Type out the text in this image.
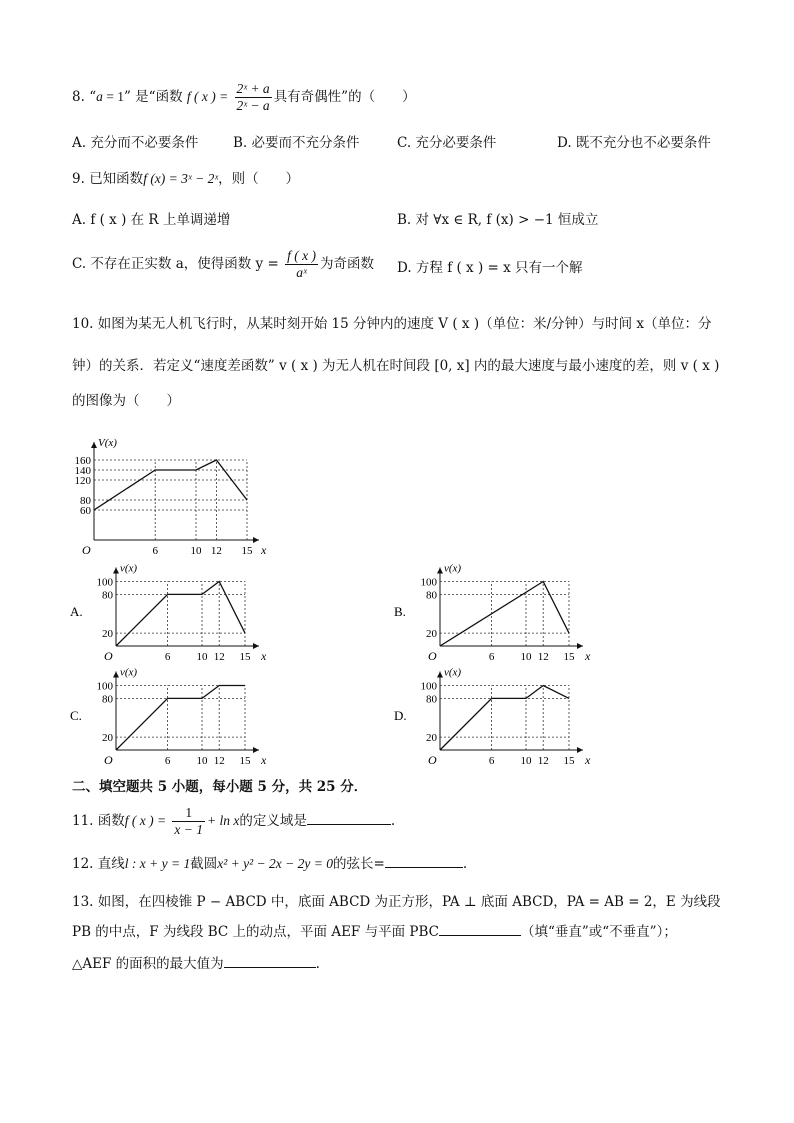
8. “a = 1” 是“函数 f ( x ) = $\frac{\text{2ˣ + a}}{\text{2ˣ − a}}$ 具有奇偶性”的（　　）
A. 充分而不必要条件	B. 必要而不充分条件	C. 充分必要条件	D. 既不充分也不必要条件
9. 已知函数f (x) = 3ˣ − 2ˣ，则（　　）
A. f ( x ) 在 R 上单调递增	B. 对 ∀x ∈ R, f (x) > −1 恒成立
C. 不存在正实数 a，使得函数 $y = \frac{f ( x )}{\text{aˣ}}$ 为奇函数 D. 方程 f ( x ) = x 只有一个解
10. 如图为某无人机飞行时，从某时刻开始 15 分钟内的速度 V ( x )（单位：米/分钟）与时间 x（单位：分
钟）的关系．若定义“速度差函数” v ( x ) 为无人机在时间段 [0, x] 内的最大速度与最小速度的差，则 v ( x )
的图像为（　　）
V(x)
x
O
160
140
120
80
60
6	10 12 15
A.
v(x)
x
O
100
80
20
6 10 12 15
B.
v(x)
x
O
100
80
20
6 10 12 15
C.
v(x)
x
O
100
80
20
6 10 12 15
D.
v(x)
x
O
100
80
20
6 10 12 15
二、填空题共 5 小题，每小题 5 分，共 25 分．
11. 函数f ( x ) = $\frac{1}{x - 1} + \ln x$的定义域是	.
12. 直线l : x + y = 1截圆x² + y² − 2x − 2y = 0的弦长=	.
13. 如图，在四棱锥 P − ABCD 中，底面 ABCD 为正方形，PA ⊥ 底面 ABCD，PA = AB = 2，E 为线段
PB 的中点，F 为线段 BC 上的动点，平面 AEF 与平面 PBC	（填“垂直”或“不垂直”）；
△AEF 的面积的最大值为	.
